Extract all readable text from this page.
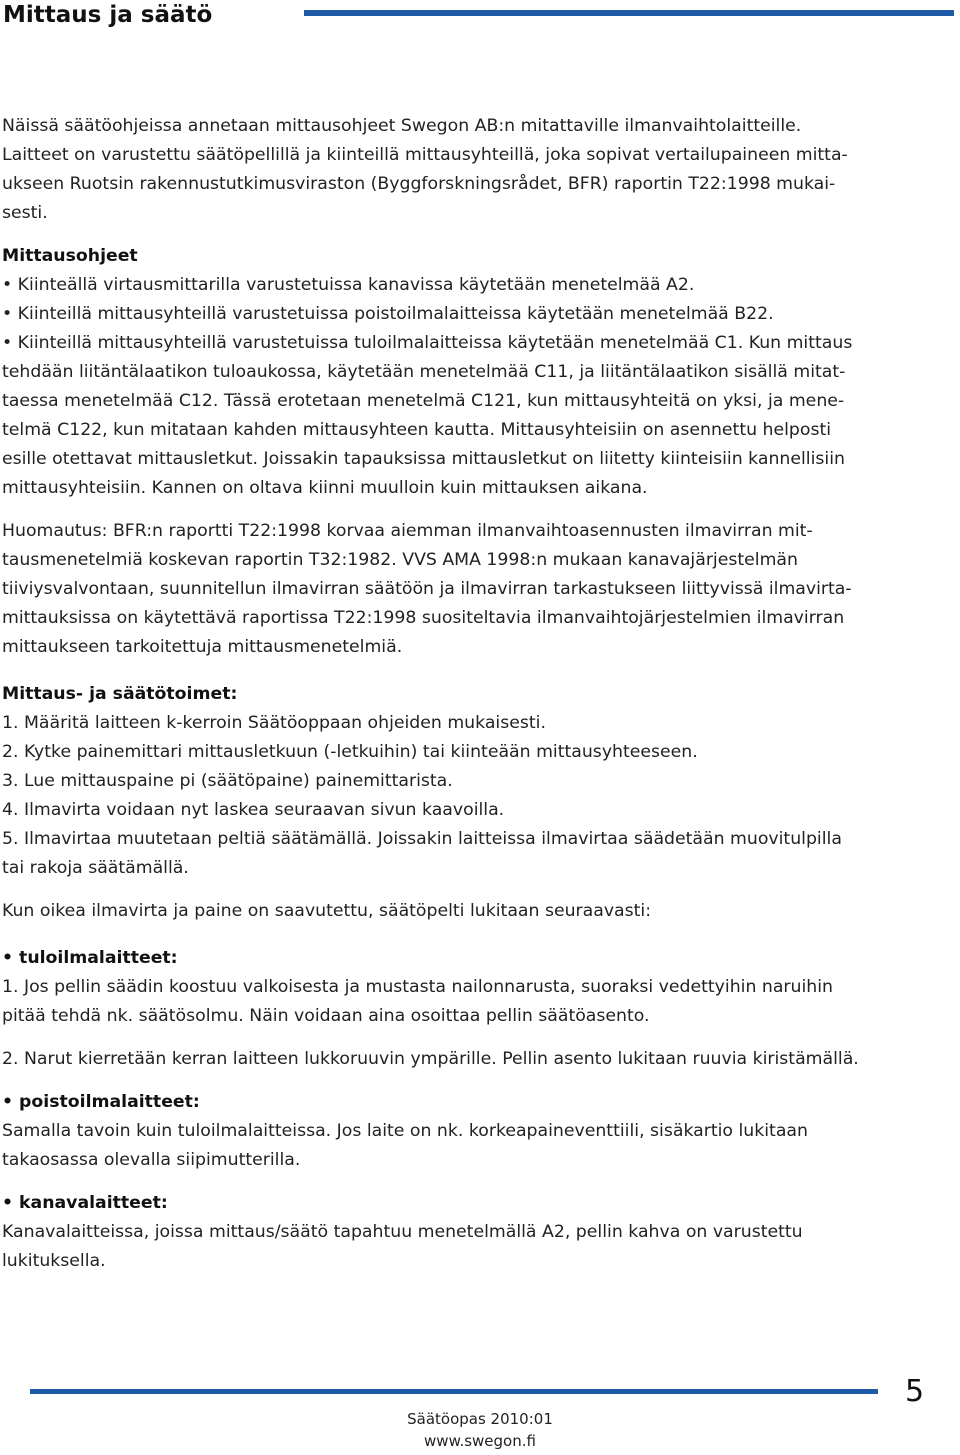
Mittaus ja säätö

Näissä säätöohjeissa annetaan mittausohjeet Swegon AB:n mitattaville ilmanvaihtolaitteille.

Laitteet on varustettu säätöpellillä ja kiinteillä mittausyhteillä, joka sopivat vertailupaineen mitta-

ukseen Ruotsin rakennustutkimusviraston (Byggforskningsrådet, BFR) raportin T22:1998 mukai-

sesti.

Mittausohjeet

• Kiinteällä virtausmittarilla varustetuissa kanavissa käytetään menetelmää A2.

• Kiinteillä mittausyhteillä varustetuissa poistoilmalaitteissa käytetään menetelmää B22.

• Kiinteillä mittausyhteillä varustetuissa tuloilmalaitteissa käytetään menetelmää C1. Kun mittaus

tehdään liitäntälaatikon tuloaukossa, käytetään menetelmää C11, ja liitäntälaatikon sisällä mitat-

taessa menetelmää C12. Tässä erotetaan menetelmä C121, kun mittausyhteitä on yksi, ja mene-

telmä C122, kun mitataan kahden mittausyhteen kautta. Mittausyhteisiin on asennettu helposti

esille otettavat mittausletkut. Joissakin tapauksissa mittausletkut on liitetty kiinteisiin kannellisiin

mittausyhteisiin. Kannen on oltava kiinni muulloin kuin mittauksen aikana.

Huomautus: BFR:n raportti T22:1998 korvaa aiemman ilmanvaihtoasennusten ilmavirran mit-

tausmenetelmiä koskevan raportin T32:1982. VVS AMA 1998:n mukaan kanavajärjestelmän

tiiviysvalvontaan, suunnitellun ilmavirran säätöön ja ilmavirran tarkastukseen liittyvissä ilmavirta-

mittauksissa on käytettävä raportissa T22:1998 suositeltavia ilmanvaihtojärjestelmien ilmavirran

mittaukseen tarkoitettuja mittausmenetelmiä.

Mittaus- ja säätötoimet:

1. Määritä laitteen k-kerroin Säätöoppaan ohjeiden mukaisesti.

2. Kytke painemittari mittausletkuun (-letkuihin) tai kiinteään mittausyhteeseen.

3. Lue mittauspaine pi (säätöpaine) painemittarista.

4. Ilmavirta voidaan nyt laskea seuraavan sivun kaavoilla.

5. Ilmavirtaa muutetaan peltiä säätämällä. Joissakin laitteissa ilmavirtaa säädetään muovitulpilla

tai rakoja säätämällä.

Kun oikea ilmavirta ja paine on saavutettu, säätöpelti lukitaan seuraavasti:

• tuloilmalaitteet:

1. Jos pellin säädin koostuu valkoisesta ja mustasta nailonnarusta, suoraksi vedettyihin naruihin

pitää tehdä nk. säätösolmu. Näin voidaan aina osoittaa pellin säätöasento.

2. Narut kierretään kerran laitteen lukkoruuvin ympärille. Pellin asento lukitaan ruuvia kiristämällä.

• poistoilmalaitteet:

Samalla tavoin kuin tuloilmalaitteissa. Jos laite on nk. korkeapaineventtiili, sisäkartio lukitaan

takaosassa olevalla siipimutterilla.

• kanavalaitteet:

Kanavalaitteissa, joissa mittaus/säätö tapahtuu menetelmällä A2, pellin kahva on varustettu

lukituksella.

5
Säätöopas 2010:01
www.swegon.fi
